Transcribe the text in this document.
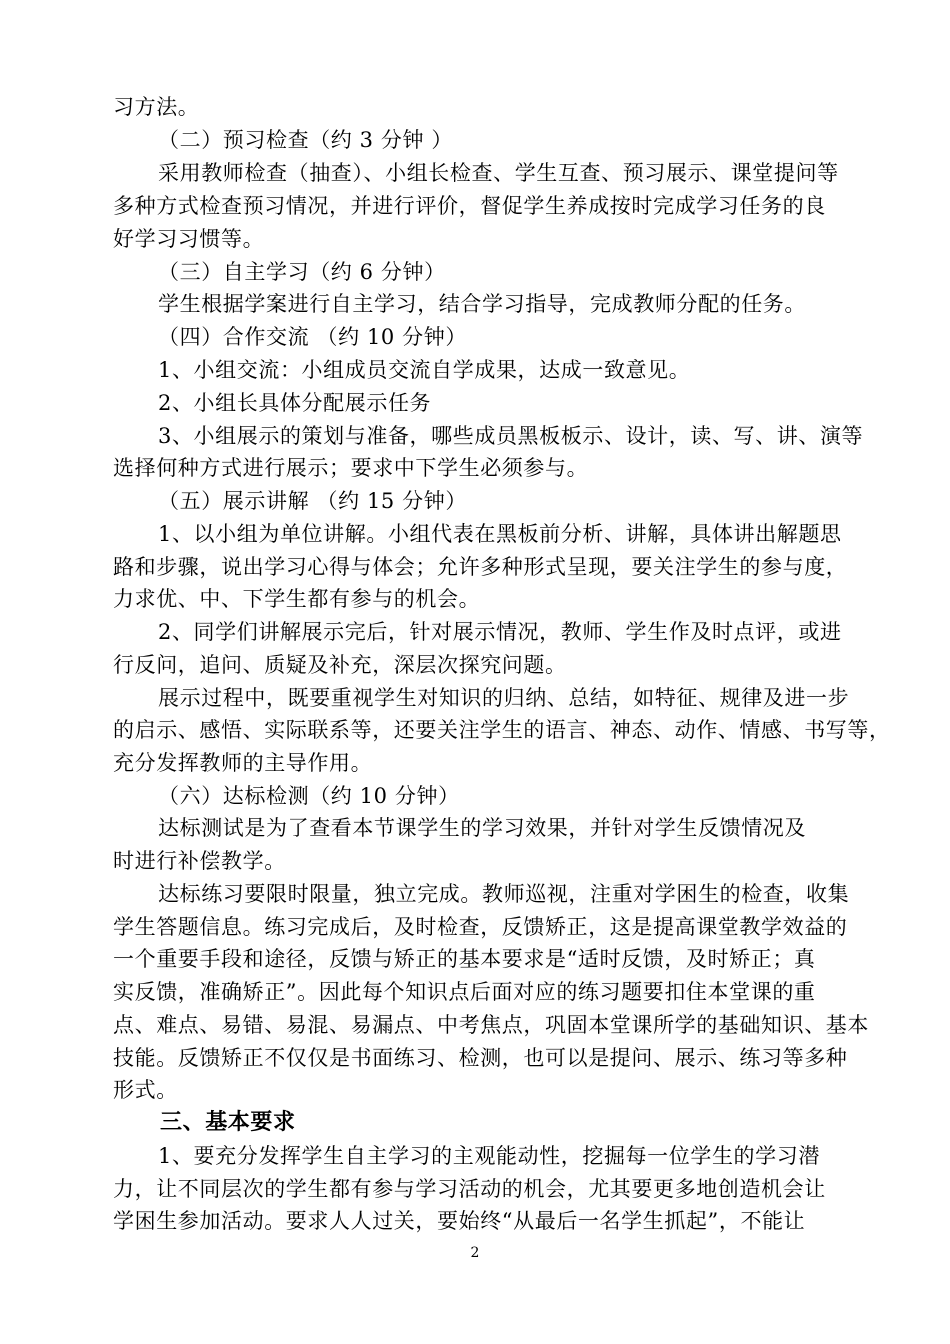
习方法。
（二）预习检查（约 3 分钟 ）
采用教师检查（抽查）、小组长检查、学生互查、预习展示、课堂提问等
多种方式检查预习情况，并进行评价，督促学生养成按时完成学习任务的良
好学习习惯等。
（三）自主学习（约 6 分钟）
学生根据学案进行自主学习，结合学习指导，完成教师分配的任务。
（四）合作交流 （约 10 分钟）
1、小组交流：小组成员交流自学成果，达成一致意见。
2、小组长具体分配展示任务
3、小组展示的策划与准备，哪些成员黑板板示、设计，读、写、讲、演等
选择何种方式进行展示；要求中下学生必须参与。
（五）展示讲解 （约 15 分钟）
1、以小组为单位讲解。小组代表在黑板前分析、讲解，具体讲出解题思
路和步骤，说出学习心得与体会；允许多种形式呈现，要关注学生的参与度，
力求优、中、下学生都有参与的机会。
2、同学们讲解展示完后，针对展示情况，教师、学生作及时点评，或进
行反问，追问、质疑及补充，深层次探究问题。
展示过程中，既要重视学生对知识的归纳、总结，如特征、规律及进一步
的启示、感悟、实际联系等，还要关注学生的语言、神态、动作、情感、书写等，
充分发挥教师的主导作用。
（六）达标检测（约 10 分钟）
达标测试是为了查看本节课学生的学习效果，并针对学生反馈情况及
时进行补偿教学。
达标练习要限时限量，独立完成。教师巡视，注重对学困生的检查，收集
学生答题信息。练习完成后，及时检查，反馈矫正，这是提高课堂教学效益的
一个重要手段和途径，反馈与矫正的基本要求是“适时反馈，及时矫正；真
实反馈，准确矫正”。因此每个知识点后面对应的练习题要扣住本堂课的重
点、难点、易错、易混、易漏点、中考焦点，巩固本堂课所学的基础知识、基本
技能。反馈矫正不仅仅是书面练习、检测，也可以是提问、展示、练习等多种
形式。
三、基本要求
1、要充分发挥学生自主学习的主观能动性，挖掘每一位学生的学习潜
力，让不同层次的学生都有参与学习活动的机会，尤其要更多地创造机会让
学困生参加活动。要求人人过关，要始终“从最后一名学生抓起”，不能让
2
